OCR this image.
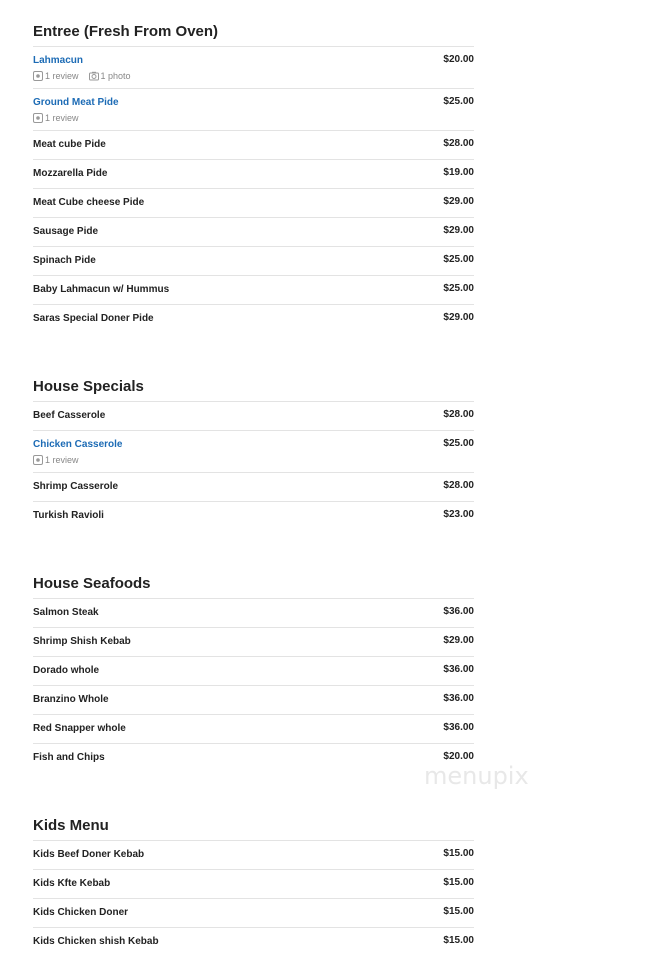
Entree (Fresh From Oven)
Lahmacun	$20.00
1 review 1 photo
Ground Meat Pide	$25.00
1 review
Meat cube Pide	$28.00
Mozzarella Pide	$19.00
Meat Cube cheese Pide	$29.00
Sausage Pide	$29.00
Spinach Pide	$25.00
Baby Lahmacun w/ Hummus	$25.00
Saras Special Doner Pide	$29.00
House Specials
Beef Casserole	$28.00
Chicken Casserole	$25.00
1 review
Shrimp Casserole	$28.00
Turkish Ravioli	$23.00
House Seafoods
Salmon Steak	$36.00
Shrimp Shish Kebab	$29.00
Dorado whole	$36.00
Branzino Whole	$36.00
Red Snapper whole	$36.00
Fish and Chips	$20.00
Kids Menu
Kids Beef Doner Kebab	$15.00
Kids Kfte Kebab	$15.00
Kids Chicken Doner	$15.00
Kids Chicken shish Kebab	$15.00
menupix
